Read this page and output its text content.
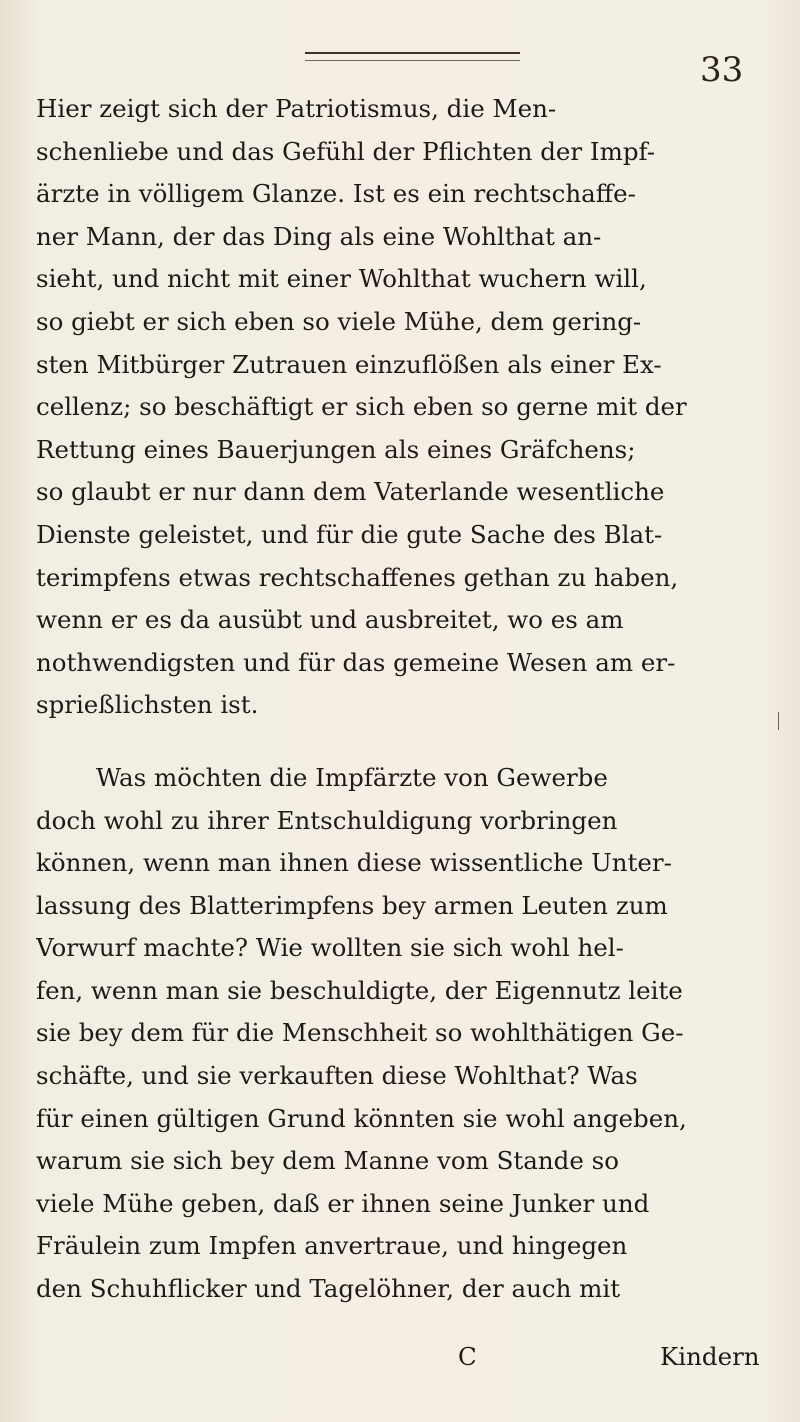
33
Hier zeigt sich der Patriotismus, die Men-
schenliebe und das Gefühl der Pflichten der Impf-
ärzte in völligem Glanze. Ist es ein rechtschaffe-
ner Mann, der das Ding als eine Wohlthat an-
sieht, und nicht mit einer Wohlthat wuchern will,
so giebt er sich eben so viele Mühe, dem gering-
sten Mitbürger Zutrauen einzuflößen als einer Ex-
cellenz; so beschäftigt er sich eben so gerne mit der
Rettung eines Bauerjungen als eines Gräfchens;
so glaubt er nur dann dem Vaterlande wesentliche
Dienste geleistet, und für die gute Sache des Blat-
terimpfens etwas rechtschaffenes gethan zu haben,
wenn er es da ausübt und ausbreitet, wo es am
nothwendigsten und für das gemeine Wesen am er-
sprießlichsten ist.
Was möchten die Impfärzte von Gewerbe
doch wohl zu ihrer Entschuldigung vorbringen
können, wenn man ihnen diese wissentliche Unter-
lassung des Blatterimpfens bey armen Leuten zum
Vorwurf machte? Wie wollten sie sich wohl hel-
fen, wenn man sie beschuldigte, der Eigennutz leite
sie bey dem für die Menschheit so wohlthätigen Ge-
schäfte, und sie verkauften diese Wohlthat? Was
für einen gültigen Grund könnten sie wohl angeben,
warum sie sich bey dem Manne vom Stande so
viele Mühe geben, daß er ihnen seine Junker und
Fräulein zum Impfen anvertraue, und hingegen
den Schuhflicker und Tagelöhner, der auch mit
C	Kindern
